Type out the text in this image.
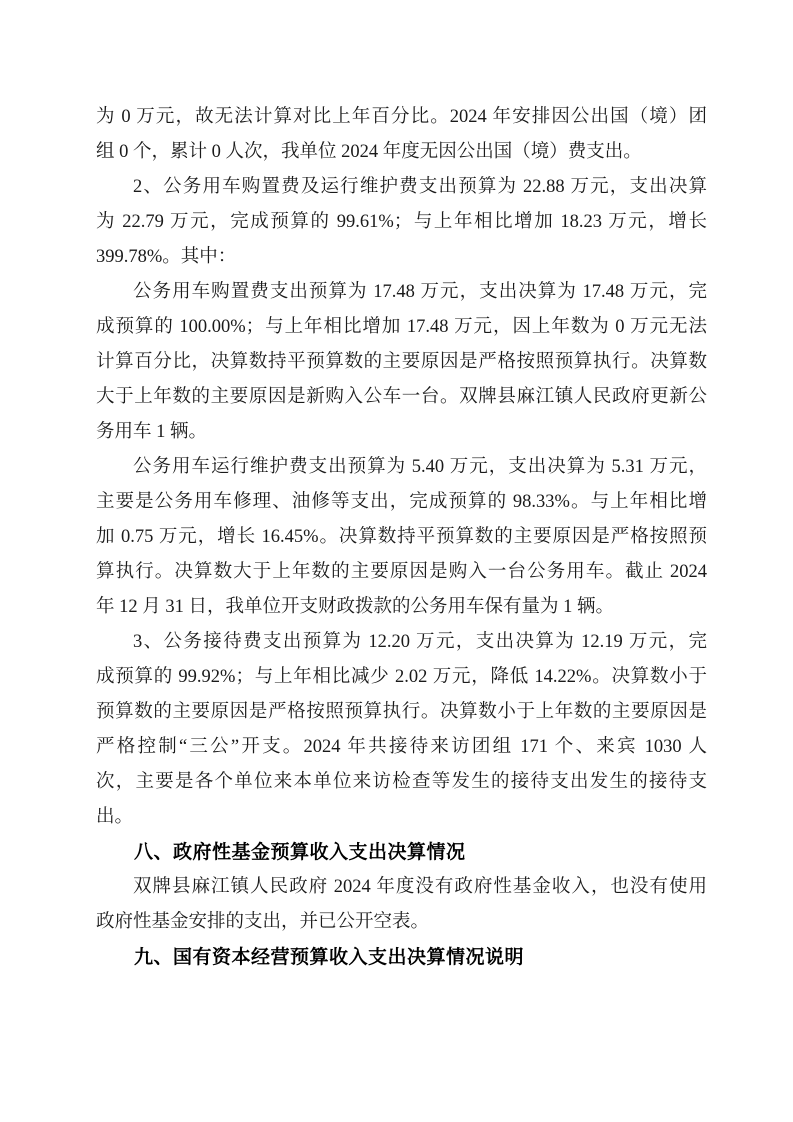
为 0 万元，故无法计算对比上年百分比。2024 年安排因公出国（境）团
组 0 个，累计 0 人次，我单位 2024 年度无因公出国（境）费支出。
2、公务用车购置费及运行维护费支出预算为 22.88 万元，支出决算
为 22.79 万元，完成预算的 99.61%；与上年相比增加 18.23 万元，增长
399.78%。其中：
公务用车购置费支出预算为 17.48 万元，支出决算为 17.48 万元，完
成预算的 100.00%；与上年相比增加 17.48 万元，因上年数为 0 万元无法
计算百分比，决算数持平预算数的主要原因是严格按照预算执行。决算数
大于上年数的主要原因是新购入公车一台。双牌县麻江镇人民政府更新公
务用车 1 辆。
公务用车运行维护费支出预算为 5.40 万元，支出决算为 5.31 万元，
主要是公务用车修理、油修等支出，完成预算的 98.33%。与上年相比增
加 0.75 万元，增长 16.45%。决算数持平预算数的主要原因是严格按照预
算执行。决算数大于上年数的主要原因是购入一台公务用车。截止 2024
年 12 月 31 日，我单位开支财政拨款的公务用车保有量为 1 辆。
3、公务接待费支出预算为 12.20 万元，支出决算为 12.19 万元，完
成预算的 99.92%；与上年相比减少 2.02 万元，降低 14.22%。决算数小于
预算数的主要原因是严格按照预算执行。决算数小于上年数的主要原因是
严格控制“三公”开支。2024 年共接待来访团组 171 个、来宾 1030 人
次，主要是各个单位来本单位来访检查等发生的接待支出发生的接待支
出。
八、政府性基金预算收入支出决算情况
双牌县麻江镇人民政府 2024 年度没有政府性基金收入，也没有使用
政府性基金安排的支出，并已公开空表。
九、国有资本经营预算收入支出决算情况说明
